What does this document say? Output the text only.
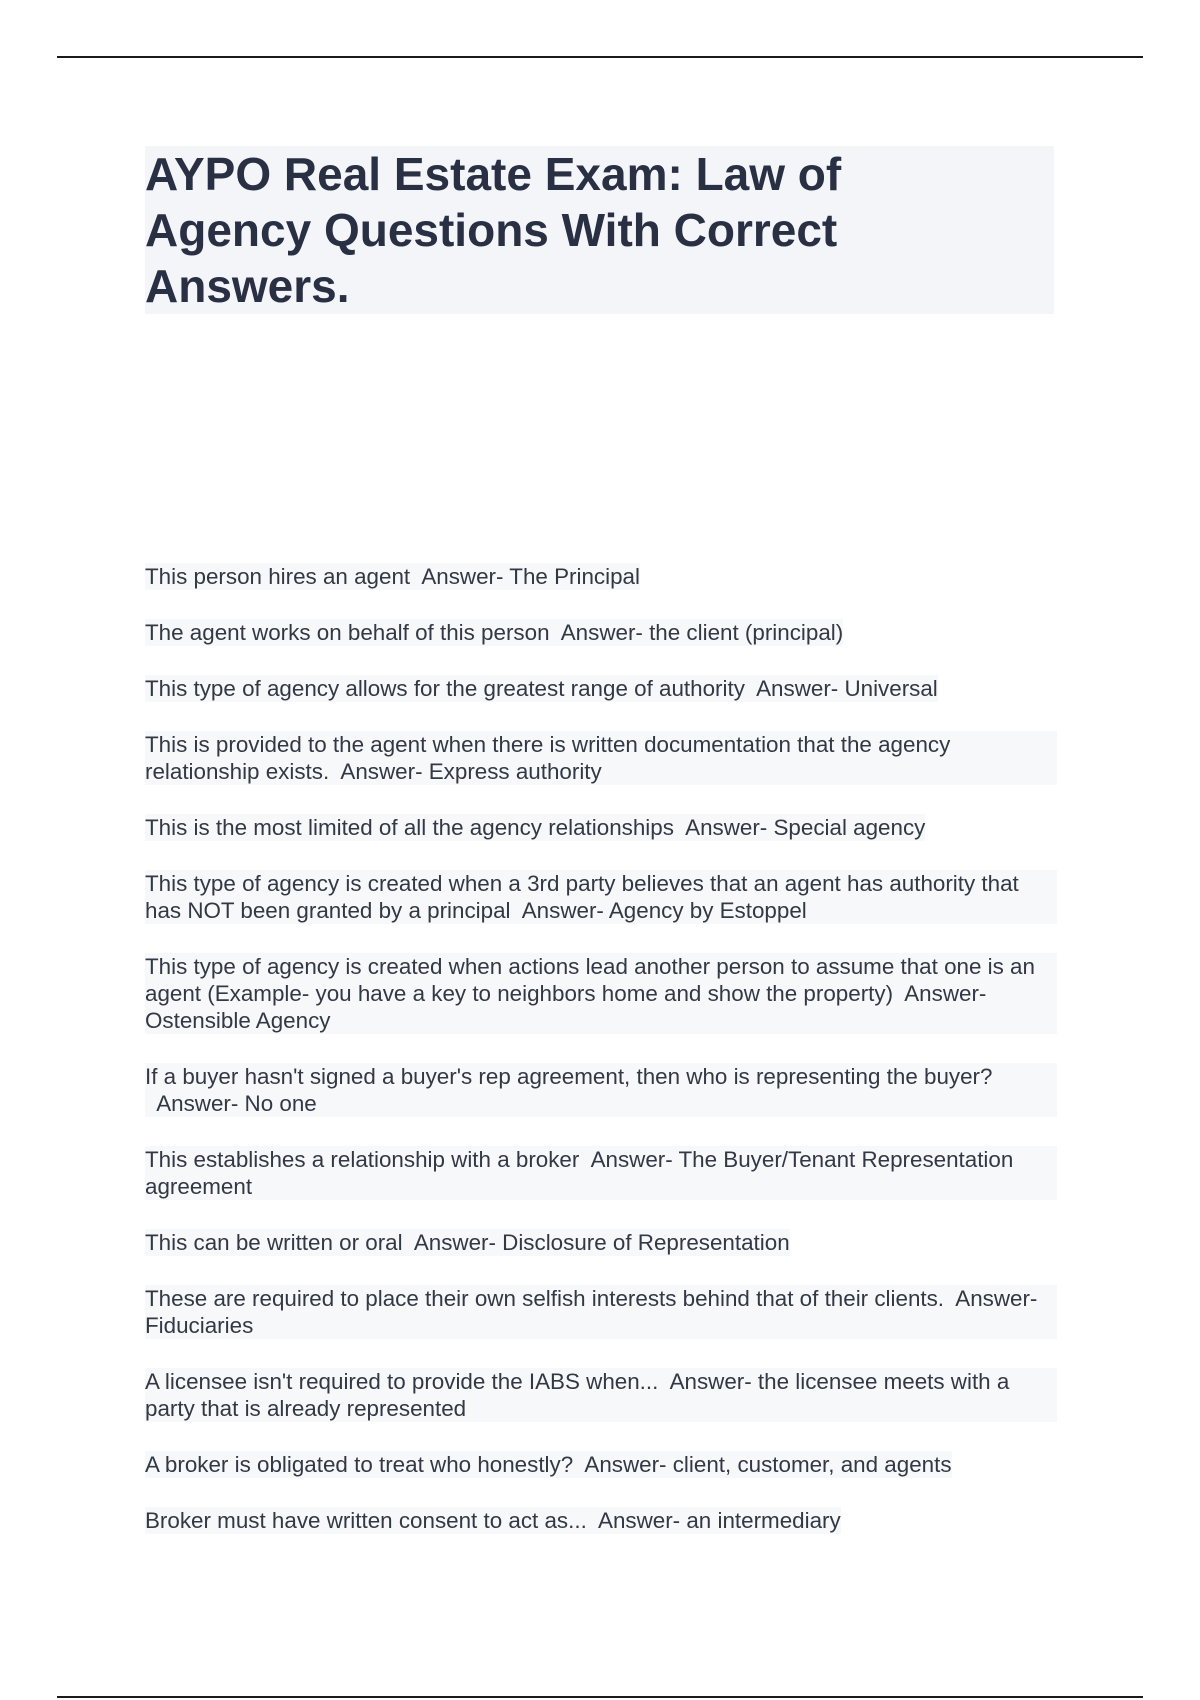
AYPO Real Estate Exam: Law of Agency Questions With Correct Answers.

This person hires an agent Answer- The Principal

The agent works on behalf of this person Answer- the client (principal)

This type of agency allows for the greatest range of authority Answer- Universal

This is provided to the agent when there is written documentation that the agency relationship exists. Answer- Express authority

This is the most limited of all the agency relationships Answer- Special agency

This type of agency is created when a 3rd party believes that an agent has authority that has NOT been granted by a principal Answer- Agency by Estoppel

This type of agency is created when actions lead another person to assume that one is an agent (Example- you have a key to neighbors home and show the property) Answer- Ostensible Agency

If a buyer hasn't signed a buyer's rep agreement, then who is representing the buyer?  Answer- No one

This establishes a relationship with a broker Answer- The Buyer/Tenant Representation agreement

This can be written or oral Answer- Disclosure of Representation

These are required to place their own selfish interests behind that of their clients. Answer- Fiduciaries

A licensee isn't required to provide the IABS when... Answer- the licensee meets with a party that is already represented

A broker is obligated to treat who honestly? Answer- client, customer, and agents

Broker must have written consent to act as... Answer- an intermediary
